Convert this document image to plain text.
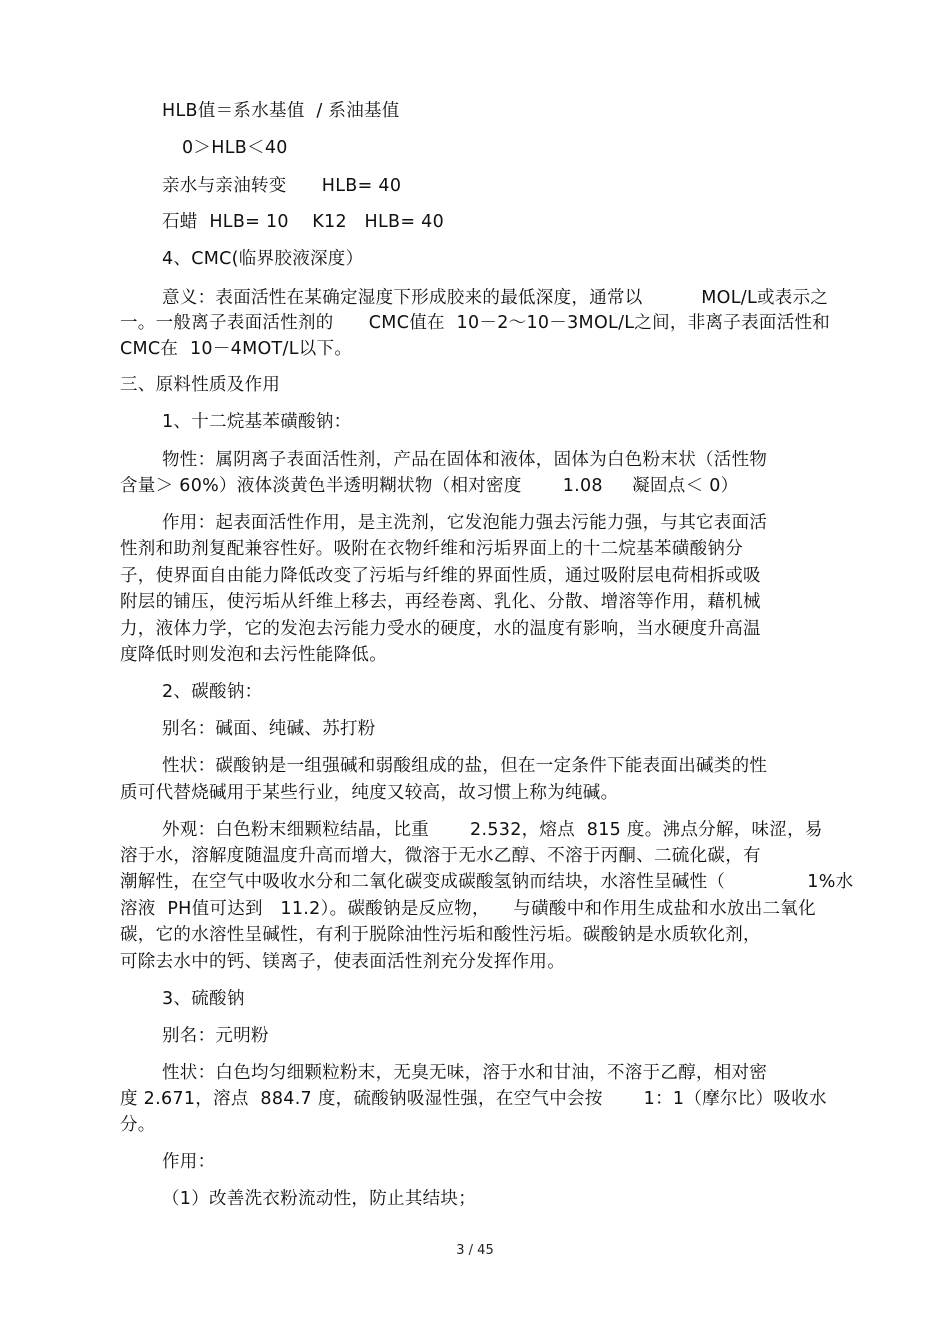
HLB值＝系水基值  / 系油基值
0＞HLB＜40
亲水与亲油转变      HLB= 40
石蜡  HLB= 10    K12   HLB= 40
4、CMC(临界胶液深度）
意义：表面活性在某确定湿度下形成胶来的最低深度，通常以          MOL/L或表示之
一。一般离子表面活性剂的      CMC值在  10－2～10－3MOL/L之间，非离子表面活性和
CMC在  10－4MOT/L以下。
三、原料性质及作用
1、十二烷基苯磺酸钠：
物性：属阴离子表面活性剂，产品在固体和液体，固体为白色粉末状（活性物
含量＞ 60%）液体淡黄色半透明糊状物（相对密度       1.08     凝固点＜ 0）
作用：起表面活性作用，是主洗剂，它发泡能力强去污能力强，与其它表面活
性剂和助剂复配兼容性好。吸附在衣物纤维和污垢界面上的十二烷基苯磺酸钠分
子，使界面自由能力降低改变了污垢与纤维的界面性质，通过吸附层电荷相拆或吸
附层的铺压，使污垢从纤维上移去，再经卷离、乳化、分散、增溶等作用，藉机械
力，液体力学，它的发泡去污能力受水的硬度，水的温度有影响，当水硬度升高温
度降低时则发泡和去污性能降低。
2、碳酸钠：
别名：碱面、纯碱、苏打粉
性状：碳酸钠是一组强碱和弱酸组成的盐，但在一定条件下能表面出碱类的性
质可代替烧碱用于某些行业，纯度又较高，故习惯上称为纯碱。
外观：白色粉末细颗粒结晶，比重       2.532，熔点  815 度。沸点分解，味涩，易
溶于水，溶解度随温度升高而增大，微溶于无水乙醇、不溶于丙酮、二硫化碳，有
潮解性，在空气中吸收水分和二氧化碳变成碳酸氢钠而结块，水溶性呈碱性（              1%水
溶液  PH值可达到   11.2）。碳酸钠是反应物，    与磺酸中和作用生成盐和水放出二氧化
碳，它的水溶性呈碱性，有利于脱除油性污垢和酸性污垢。碳酸钠是水质软化剂，
可除去水中的钙、镁离子，使表面活性剂充分发挥作用。
3、硫酸钠
别名：元明粉
性状：白色均匀细颗粒粉末，无臭无味，溶于水和甘油，不溶于乙醇，相对密
度 2.671，溶点  884.7 度，硫酸钠吸湿性强，在空气中会按       1：1（摩尔比）吸收水
分。
作用：
（1）改善洗衣粉流动性，防止其结块；
3 / 45
